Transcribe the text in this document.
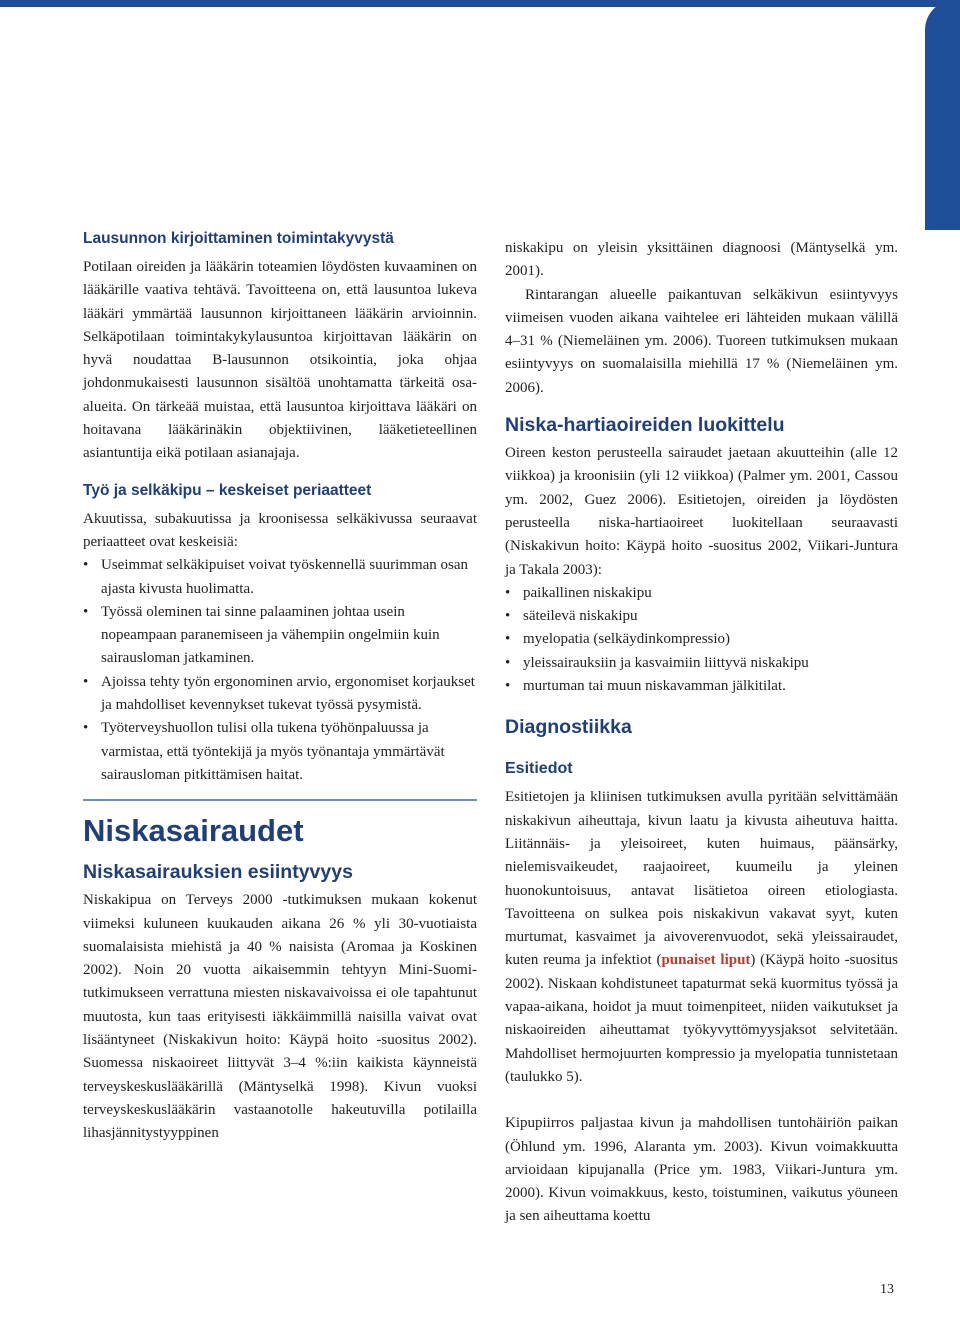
Lausunnon kirjoittaminen toimintakyvystä

Potilaan oireiden ja lääkärin toteamien löydösten kuvaaminen on lääkärille vaativa tehtävä. Tavoitteena on, että lausuntoa lukeva lääkäri ymmärtää lausunnon kirjoittaneen lääkärin arvioinnin. Selkäpotilaan toimintakykylausuntoa kirjoittavan lääkärin on hyvä noudattaa B-lausunnon otsikointia, joka ohjaa johdonmukaisesti lausunnon sisältöä unohtamatta tärkeitä osa-alueita. On tärkeää muistaa, että lausuntoa kirjoittava lääkäri on hoitavana lääkärinäkin objektiivinen, lääketieteellinen asiantuntija eikä potilaan asianajaja.

Työ ja selkäkipu – keskeiset periaatteet

Akuutissa, subakuutissa ja kroonisessa selkäkivussa seuraavat periaatteet ovat keskeisiä:

• Useimmat selkäkipuiset voivat työskennellä suurimman osan ajasta kivusta huolimatta.
• Työssä oleminen tai sinne palaaminen johtaa usein nopeampaan paranemiseen ja vähempiin ongelmiin kuin sairausloman jatkaminen.
• Ajoissa tehty työn ergonominen arvio, ergonomiset korjaukset ja mahdolliset kevennykset tukevat työssä pysymistä.
• Työterveyshuollon tulisi olla tukena työhönpaluussa ja varmistaa, että työntekijä ja myös työnantaja ymmärtävät sairausloman pitkittämisen haitat.
Niskasairaudet
Niskasairauksien esiintyvyys

Niskakipua on Terveys 2000 -tutkimuksen mukaan kokenut viimeksi kuluneen kuukauden aikana 26 % yli 30-vuotiaista suomalaisista miehistä ja 40 % naisista (Aromaa ja Koskinen 2002). Noin 20 vuotta aikaisemmin tehtyyn Mini-Suomi-tutkimukseen verrattuna miesten niskavaivoissa ei ole tapahtunut muutosta, kun taas erityisesti iäkkäimmillä naisilla vaivat ovat lisääntyneet (Niskakivun hoito: Käypä hoito -suositus 2002). Suomessa niskaoireet liittyvät 3–4 %:iin kaikista käynneistä terveyskeskuslääkärillä (Mäntyselkä 1998). Kivun vuoksi terveyskeskuslääkärin vastaanotolle hakeutuvilla potilailla lihasjännitystyyppinen

niskakipu on yleisin yksittäinen diagnoosi (Mäntyselkä ym. 2001).

Rintarangan alueelle paikantuvan selkäkivun esiintyvyys viimeisen vuoden aikana vaihtelee eri lähteiden mukaan välillä 4–31 % (Niemeläinen ym. 2006). Tuoreen tutkimuksen mukaan esiintyvyys on suomalaisilla miehillä 17 % (Niemeläinen ym. 2006).

Niska-hartiaoireiden luokittelu

Oireen keston perusteella sairaudet jaetaan akuutteihin (alle 12 viikkoa) ja kroonisiin (yli 12 viikkoa) (Palmer ym. 2001, Cassou ym. 2002, Guez 2006). Esitietojen, oireiden ja löydösten perusteella niska-hartiaoireet luokitellaan seuraavasti (Niskakivun hoito: Käypä hoito -suositus 2002, Viikari-Juntura ja Takala 2003):

• paikallinen niskakipu
• säteilevä niskakipu
• myelopatia (selkäydinkompressio)
• yleissairauksiin ja kasvaimiin liittyvä niskakipu
• murtuman tai muun niskavamman jälkitilat.
Diagnostiikka
Esitiedot

Esitietojen ja kliinisen tutkimuksen avulla pyritään selvittämään niskakivun aiheuttaja, kivun laatu ja kivusta aiheutuva haitta. Liitännäis- ja yleisoireet, kuten huimaus, päänsärky, nielemisvaikeudet, raajaoireet, kuumeilu ja yleinen huonokuntoisuus, antavat lisätietoa oireen etiologiasta. Tavoitteena on sulkea pois niskakivun vakavat syyt, kuten murtumat, kasvaimet ja aivoverenvuodot, sekä yleissairaudet, kuten reuma ja infektiot (punaiset liput) (Käypä hoito -suositus 2002). Niskaan kohdistuneet tapaturmat sekä kuormitus työssä ja vapaa-aikana, hoidot ja muut toimenpiteet, niiden vaikutukset ja niskaoireiden aiheuttamat työkyvyttömyysjaksot selvitetään. Mahdolliset hermojuurten kompressio ja myelopatia tunnistetaan (taulukko 5).

Kipupiirros paljastaa kivun ja mahdollisen tuntohäiriön paikan (Öhlund ym. 1996, Alaranta ym. 2003). Kivun voimakkuutta arvioidaan kipujanalla (Price ym. 1983, Viikari-Juntura ym. 2000). Kivun voimakkuus, kesto, toistuminen, vaikutus yöuneen ja sen aiheuttama koettu

13
